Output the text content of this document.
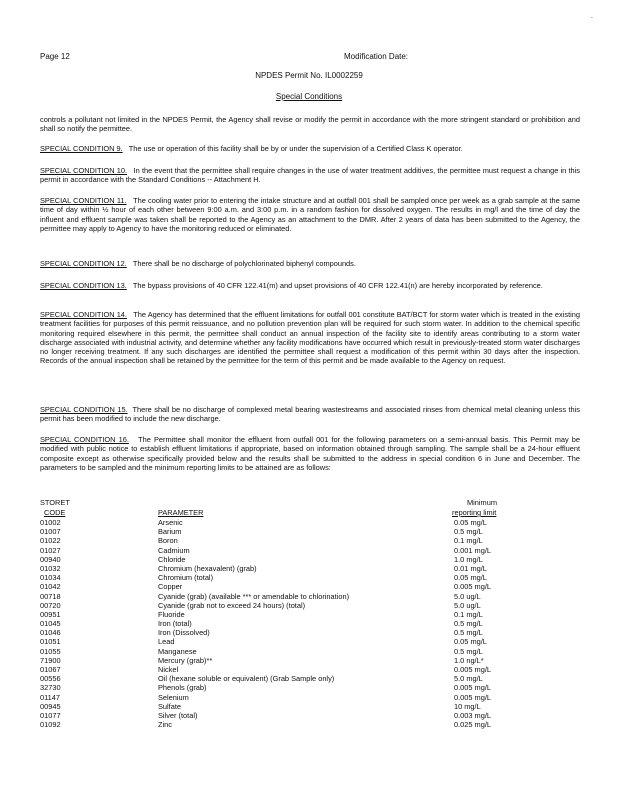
`
Page 12	Modification Date:
NPDES Permit No. IL0002259
Special Conditions
controls a pollutant not limited in the NPDES Permit, the Agency shall revise or modify the permit in accordance with the more stringent standard or prohibition and shall so notify the permittee.
SPECIAL CONDITION 9. The use or operation of this facility shall be by or under the supervision of a Certified Class K operator.
SPECIAL CONDITION 10. In the event that the permittee shall require changes in the use of water treatment additives, the permittee must request a change in this permit in accordance with the Standard Conditions -- Attachment H.
SPECIAL CONDITION 11. The cooling water prior to entering the intake structure and at outfall 001 shall be sampled once per week as a grab sample at the same time of day within ½ hour of each other between 9:00 a.m. and 3:00 p.m. in a random fashion for dissolved oxygen. The results in mg/l and the time of day the influent and effluent sample was taken shall be reported to the Agency as an attachment to the DMR. After 2 years of data has been submitted to the Agency, the permittee may apply to Agency to have the monitoring reduced or eliminated.
SPECIAL CONDITION 12. There shall be no discharge of polychlorinated biphenyl compounds.
SPECIAL CONDITION 13. The bypass provisions of 40 CFR 122.41(m) and upset provisions of 40 CFR 122.41(n) are hereby incorporated by reference.
SPECIAL CONDITION 14. The Agency has determined that the effluent limitations for outfall 001 constitute BAT/BCT for storm water which is treated in the existing treatment facilities for purposes of this permit reissuance, and no pollution prevention plan will be required for such storm water. In addition to the chemical specific monitoring required elsewhere in this permit, the permittee shall conduct an annual inspection of the facility site to identify areas contributing to a storm water discharge associated with industrial activity, and determine whether any facility modifications have occurred which result in previously-treated storm water discharges no longer receiving treatment. If any such discharges are identified the permittee shall request a modification of this permit within 30 days after the inspection. Records of the annual inspection shall be retained by the permittee for the term of this permit and be made available to the Agency on request.
SPECIAL CONDITION 15. There shall be no discharge of complexed metal bearing wastestreams and associated rinses from chemical metal cleaning unless this permit has been modified to include the new discharge.
SPECIAL CONDITION 16. The Permittee shall monitor the effluent from outfall 001 for the following parameters on a semi-annual basis. This Permit may be modified with public notice to establish effluent limitations if appropriate, based on information obtained through sampling. The sample shall be a 24-hour effluent composite except as otherwise specifically provided below and the results shall be submitted to the address in special condition 6 in June and December. The parameters to be sampled and the minimum reporting limits to be attained are as follows:
STORET
CODE	PARAMETER
Minimum
reporting limit
01002	Arsenic	0.05 mg/L
01007	Barium	0.5 mg/L
01022	Boron	0.1 mg/L
01027	Cadmium	0.001 mg/L
00940	Chloride	1.0 mg/L
01032	Chromium (hexavalent) (grab)	0.01 mg/L
01034	Chromium (total)	0.05 mg/L
01042	Copper	0.005 mg/L
00718	Cyanide (grab) (available *** or amendable to chlorination)	5.0 ug/L
00720	Cyanide (grab not to exceed 24 hours) (total)	5.0 ug/L
00951	Fluoride	0.1 mg/L
01045	Iron (total)	0.5 mg/L
01046	Iron (Dissolved)	0.5 mg/L
01051	Lead	0.05 mg/L
01055	Manganese	0.5 mg/L
71900	Mercury (grab)**	1.0 ng/L*
01067	Nickel	0.005 mg/L
00556	Oil (hexane soluble or equivalent) (Grab Sample only)	5.0 mg/L
32730	Phenols (grab)	0.005 mg/L
01147	Selenium	0.005 mg/L
00945	Sulfate	10 mg/L
01077	Silver (total)	0.003 mg/L
01092	Zinc	0.025 mg/L
